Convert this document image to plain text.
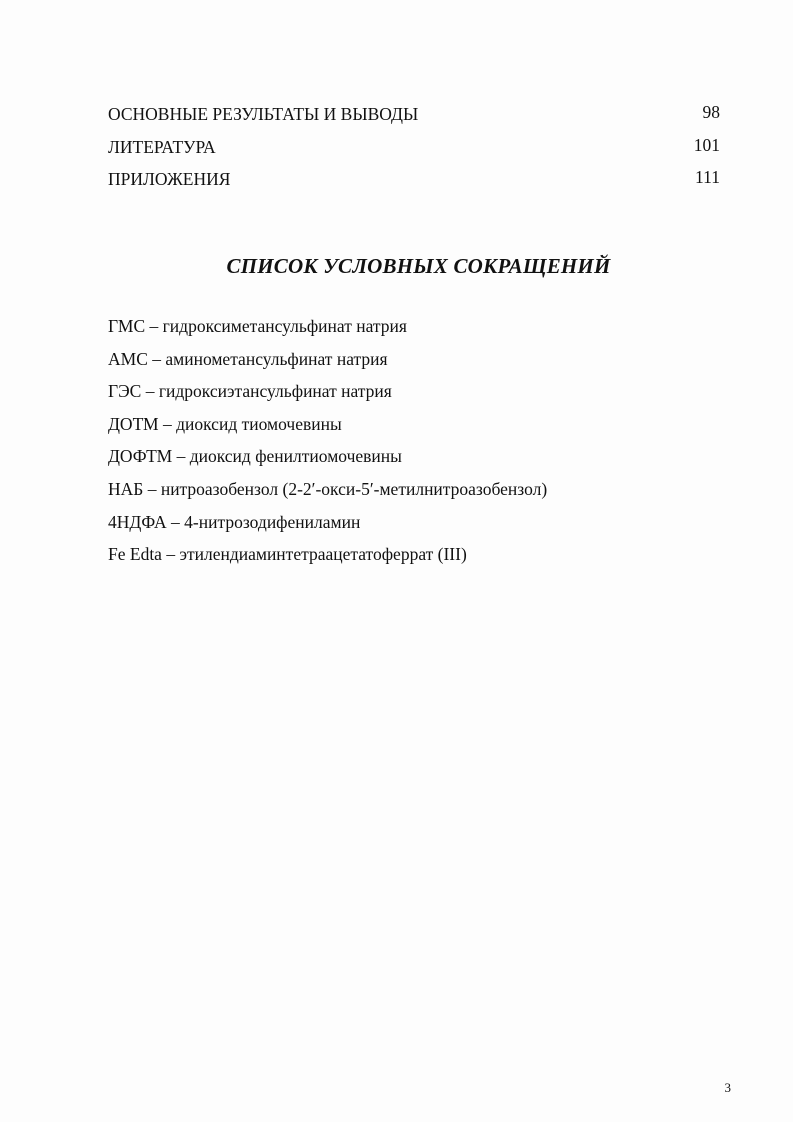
ОСНОВНЫЕ РЕЗУЛЬТАТЫ И ВЫВОДЫ	98
ЛИТЕРАТУРА	101
ПРИЛОЖЕНИЯ	111
СПИСОК УСЛОВНЫХ СОКРАЩЕНИЙ
ГМС – гидроксиметансульфинат натрия
АМС – аминометансульфинат натрия
ГЭС – гидроксиэтансульфинат натрия
ДОТМ – диоксид тиомочевины
ДОФТМ – диоксид фенилтиомочевины
НАБ – нитроазобензол (2-2′-окси-5′-метилнитроазобензол)
4НДФА – 4-нитрозодифениламин
Fe Edta – этилендиаминтетраацетатоферрат (III)
3
